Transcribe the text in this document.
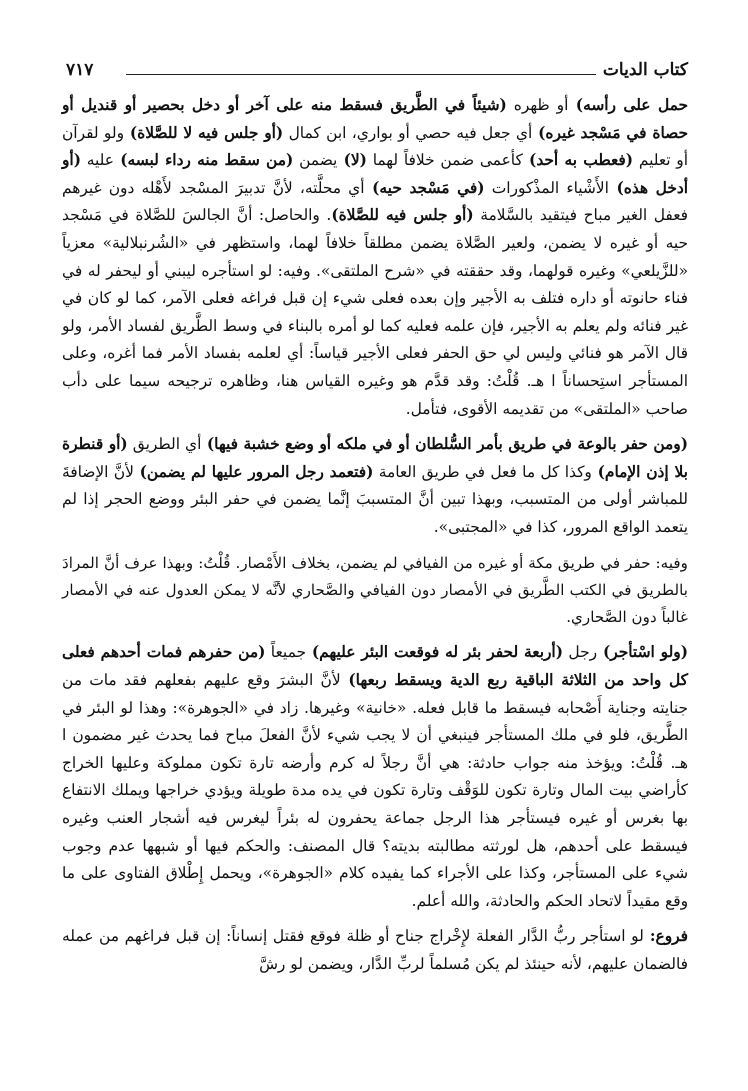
كتاب الديات
٧١٧

حمل على رأسه) أو ظهره (شيئاً في الطَّريق فسقط منه على آخر أو دخل بحصير أو قنديل أو حصاة في مَسْجد غيره) أي جعل فيه حصي أو بواري، ابن كمال (أو جلس فيه لا للصَّلاة) ولو لقرآن أو تعليم (فعطب به أحد) كأعمى ضمن خلافاً لهما (لا) يضمن (من سقط منه رداء لبسه) عليه (أو أدخل هذه) الأَشْياء المذْكورات (في مَسْجد حيه) أي محلَّته، لأنَّ تدبيرَ المسْجد لأَهْله دون غيرهم فعفل الغير مباح فيتقيد بالسَّلامة (أو جلس فيه للصَّلاة). والحاصل: أنَّ الجالسَ للصَّلاة في مَسْجد حيه أو غيره لا يضمن، ولعير الصَّلاة يضمن مطلقاً خلافاً لهما، واستظهر في «الشُرنبلالية» معزياً «للزَّيلعي» وغيره قولهما، وقد حققته في «شرح الملتقى». وفيه: لو استأجره ليبني أو ليحفر له في فناء حانوته أو داره فتلف به الأجير وإن بعده فعلى شيء إن قبل فراغه فعلى الآمر، كما لو كان في غير فنائه ولم يعلم به الأجير، فإن علمه فعليه كما لو أمره بالبناء في وسط الطَّريق لفساد الأمر، ولو قال الآمر هو فنائي وليس لي حق الحفر فعلى الأجير قياساً: أي لعلمه بفساد الأمر فما أغره، وعلى المستأجر استِحساناً ا هـ. قُلْتُ: وقد قدَّم هو وغيره القياس هنا، وظاهره ترجيحه سيما على دأب صاحب «الملتقى» من تقديمه الأقوى، فتأمل.

(ومن حفر بالوعة في طريق بأمر السُّلطان أو في ملكه أو وضع خشبة فيها) أي الطريق (أو قنطرة بلا إذن الإمام) وكذا كل ما فعل في طريق العامة (فتعمد رجل المرور عليها لم يضمن) لأنَّ الإضافةَ للمباشر أولى من المتسبب، وبهذا تبين أنَّ المتسببَ إنَّما يضمن في حفر البئر ووضع الحجر إذا لم يتعمد الواقع المرور، كذا في «المجتبى».

وفيه: حفر في طريق مكة أو غيره من الفيافي لم يضمن، بخلاف الأَمْصار. قُلْتُ: وبهذا عرف أنَّ المرادَ بالطريق في الكتب الطَّريق في الأمصار دون الفيافي والصَّحاري لأنَّه لا يمكن العدول عنه في الأمصار غالباً دون الصَّحاري.

(ولو اسْتأجر) رجل (أربعة لحفر بئر له فوقعت البئر عليهم) جميعاً (من حفرهم فمات أحدهم فعلى كل واحد من الثلاثة الباقية ربع الدية ويسقط ربعها) لأنَّ البشرَ وقع عليهم بفعلهم فقد مات من جنايته وجناية أَصْحابه فيسقط ما قابل فعله. «خانية» وغيرها. زاد في «الجوهرة»: وهذا لو البئر في الطَّريق، فلو في ملك المستأجر فينبغي أن لا يجب شيء لأنَّ الفعلَ مباح فما يحدث غير مضمون ا هـ. قُلْتُ: ويؤخذ منه جواب حادثة: هي أنَّ رجلاً له كرم وأرضه تارة تكون مملوكة وعليها الخراج كأراضي بيت المال وتارة تكون للوَقْف وتارة تكون في يده مدة طويلة ويؤدي خراجها ويملك الانتفاع بها بغرس أو غيره فيستأجر هذا الرجل جماعة يحفرون له بئراً ليغرس فيه أشجار العنب وغيره فيسقط على أحدهم، هل لورثته مطالبته بديته؟ قال المصنف: والحكم فيها أو شبهها عدم وجوب شيء على المستأجر، وكذا على الأجراء كما يفيده كلام «الجوهرة»، ويحمل إِطْلاق الفتاوى على ما وقع مقيداً لاتحاد الحكم والحادثة، والله أعلم.

فروع: لو استأجر ربُّ الدَّار الفعلة لإِخْراج جناح أو ظلة فوقع فقتل إنساناً: إن قبل فراغهم من عمله فالضمان عليهم، لأنه حينئذ لم يكن مُسلماً لربِّ الدَّار، ويضمن لو رشَّ
